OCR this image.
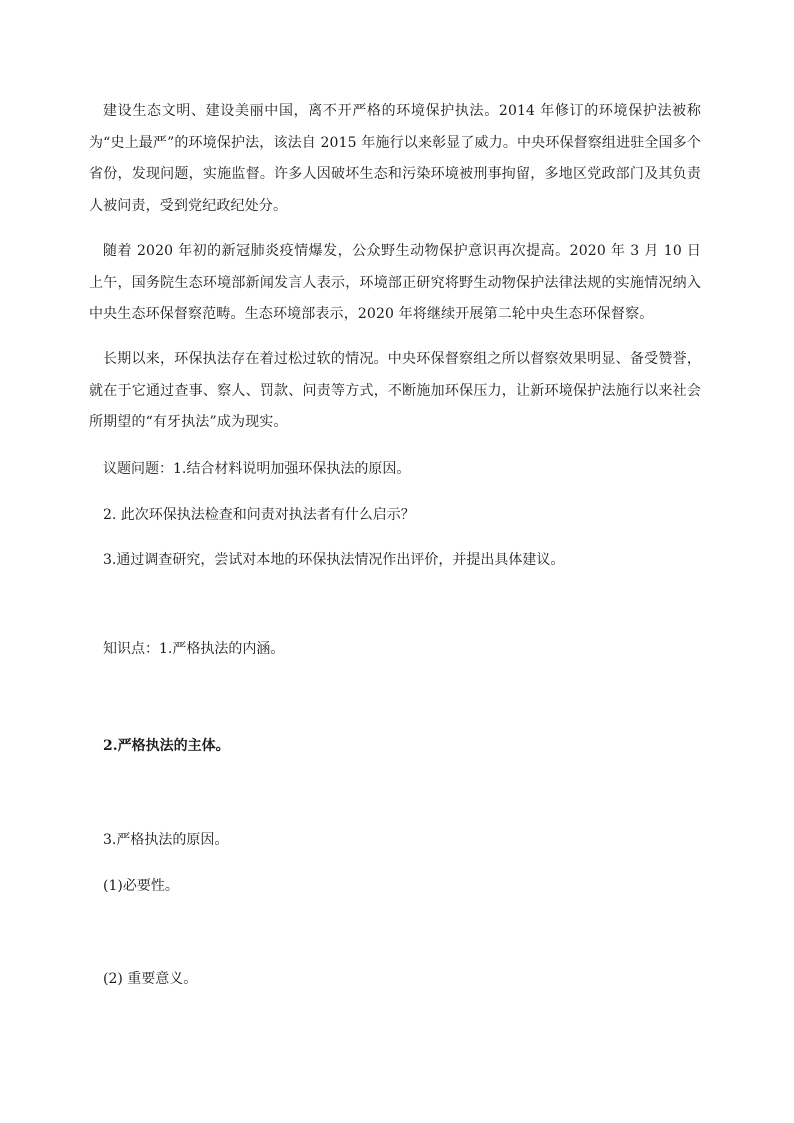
建设生态文明、建设美丽中国，离不开严格的环境保护执法。2014 年修订的环境保护法被称为“史上最严”的环境保护法，该法自 2015 年施行以来彰显了威力。中央环保督察组进驻全国多个省份，发现问题，实施监督。许多人因破坏生态和污染环境被刑事拘留，多地区党政部门及其负责人被问责，受到党纪政纪处分。

随着 2020 年初的新冠肺炎疫情爆发，公众野生动物保护意识再次提高。2020 年 3 月 10 日上午，国务院生态环境部新闻发言人表示，环境部正研究将野生动物保护法律法规的实施情况纳入中央生态环保督察范畴。生态环境部表示，2020 年将继续开展第二轮中央生态环保督察。

长期以来，环保执法存在着过松过软的情况。中央环保督察组之所以督察效果明显、备受赞誉，就在于它通过查事、察人、罚款、问责等方式，不断施加环保压力，让新环境保护法施行以来社会所期望的“有牙执法”成为现实。

议题问题：1.结合材料说明加强环保执法的原因。

2. 此次环保执法检查和问责对执法者有什么启示？

3.通过调查研究，尝试对本地的环保执法情况作出评价，并提出具体建议。

知识点：1.严格执法的内涵。

2.严格执法的主体。

3.严格执法的原因。

(1)必要性。

(2) 重要意义。
